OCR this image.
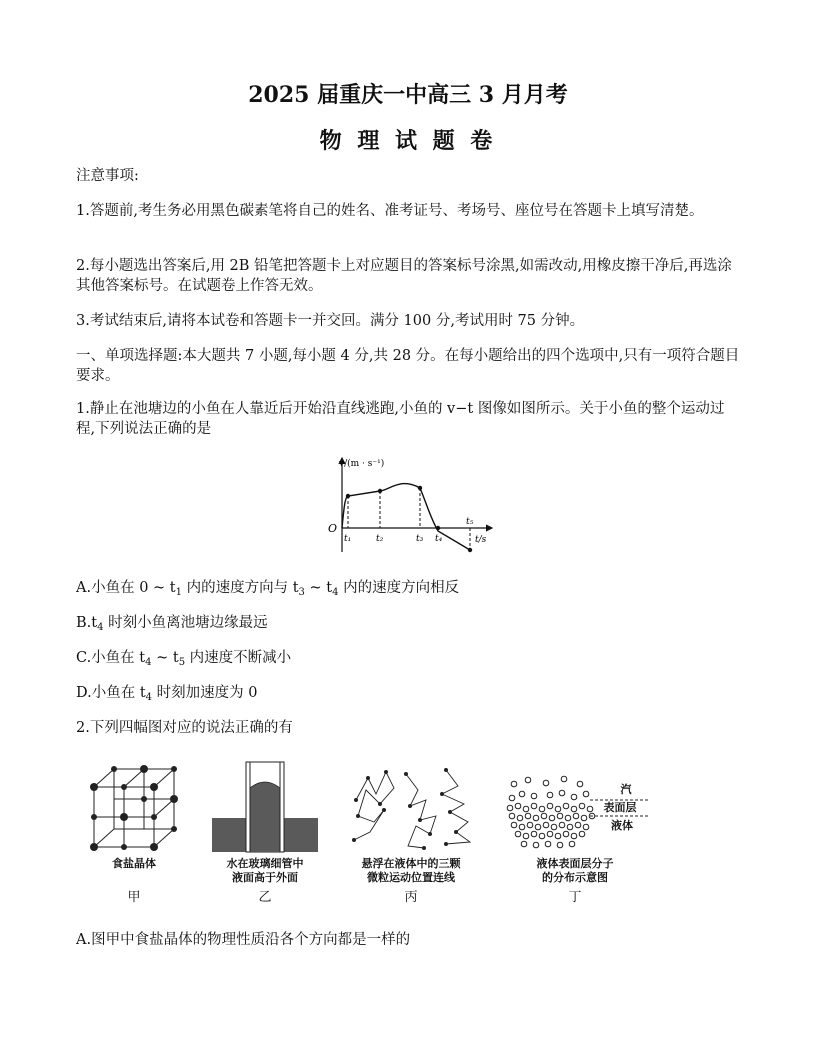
2025 届重庆一中高三 3 月月考
物 理 试 题 卷
注意事项:
1.答题前,考生务必用黑色碳素笔将自己的姓名、准考证号、考场号、座位号在答题卡上填写清楚。
2.每小题选出答案后,用 2B 铅笔把答题卡上对应题目的答案标号涂黑,如需改动,用橡皮擦干净后,再选涂其他答案标号。在试题卷上作答无效。
3.考试结束后,请将本试卷和答题卡一并交回。满分 100 分,考试用时 75 分钟。
一、单项选择题:本大题共 7 小题,每小题 4 分,共 28 分。在每小题给出的四个选项中,只有一项符合题目要求。
1.静止在池塘边的小鱼在人靠近后开始沿直线逃跑,小鱼的 v−t 图像如图所示。关于小鱼的整个运动过程,下列说法正确的是
v/(m · s⁻¹)
t/s
O
t₁	t₂	t₃ t₄
t₅
A.小鱼在 0 ~ $t_1$ 内的速度方向与 $t_3$ ~ $t_4$ 内的速度方向相反
$B.t_4$ 时刻小鱼离池塘边缘最远
C.小鱼在 $t_4$ ~ $t_5$ 内速度不断减小
D.小鱼在 $t_4$ 时刻加速度为 0
2.下列四幅图对应的说法正确的有
食盐晶体
甲
水在玻璃细管中
液面高于外面
乙
悬浮在液体中的三颗
微粒运动位置连线
丙
汽
表面层
液体
液体表面层分子
的分布示意图
丁
A.图甲中食盐晶体的物理性质沿各个方向都是一样的
